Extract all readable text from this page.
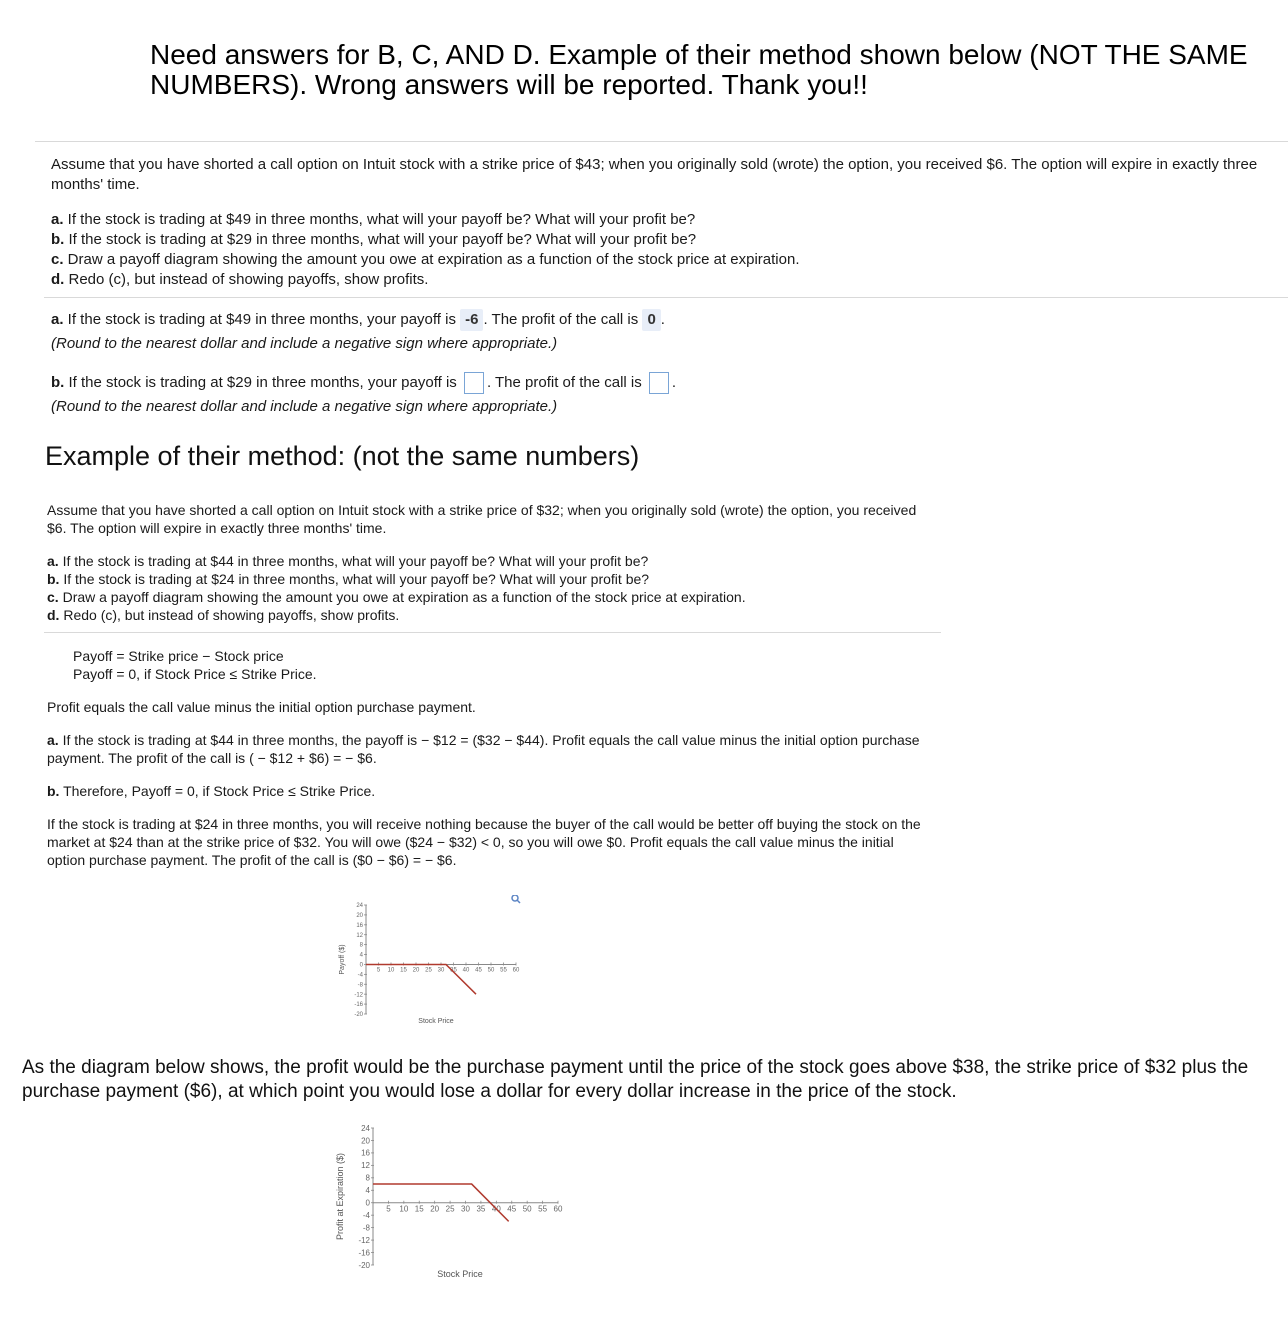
Need answers for B, C, AND D. Example of their method shown below (NOT THE SAME NUMBERS). Wrong answers will be reported. Thank you!!
Assume that you have shorted a call option on Intuit stock with a strike price of $43; when you originally sold (wrote) the option, you received $6. The option will expire in exactly three months' time.
a. If the stock is trading at $49 in three months, what will your payoff be? What will your profit be?
b. If the stock is trading at $29 in three months, what will your payoff be? What will your profit be?
c. Draw a payoff diagram showing the amount you owe at expiration as a function of the stock price at expiration.
d. Redo (c), but instead of showing payoffs, show profits.
a. If the stock is trading at $49 in three months, your payoff is -6 . The profit of the call is 0 .
(Round to the nearest dollar and include a negative sign where appropriate.)
b. If the stock is trading at $29 in three months, your payoff is . The profit of the call is .
(Round to the nearest dollar and include a negative sign where appropriate.)
Example of their method: (not the same numbers)
Assume that you have shorted a call option on Intuit stock with a strike price of $32; when you originally sold (wrote) the option, you received $6. The option will expire in exactly three months' time.
a. If the stock is trading at $44 in three months, what will your payoff be? What will your profit be?
b. If the stock is trading at $24 in three months, what will your payoff be? What will your profit be?
c. Draw a payoff diagram showing the amount you owe at expiration as a function of the stock price at expiration.
d. Redo (c), but instead of showing payoffs, show profits.
Payoff = Strike price − Stock price
Payoff = 0, if Stock Price ≤ Strike Price.
Profit equals the call value minus the initial option purchase payment.
a. If the stock is trading at $44 in three months, the payoff is − $12 = ($32 − $44). Profit equals the call value minus the initial option purchase payment. The profit of the call is ( − $12 + $6) = − $6.
b. Therefore, Payoff = 0, if Stock Price ≤ Strike Price.
If the stock is trading at $24 in three months, you will receive nothing because the buyer of the call would be better off buying the stock on the market at $24 than at the strike price of $32. You will owe ($24 − $32) < 0, so you will owe $0. Profit equals the call value minus the initial option purchase payment. The profit of the call is ($0 − $6) = − $6.
24
20
16
12
8
4
0
-4
-8
-12
-16
-20
5 10 15 20 25 30 35 40 45 50 55 60
Stock Price
Payoff ($)
As the diagram below shows, the profit would be the purchase payment until the price of the stock goes above $38, the strike price of $32 plus the purchase payment ($6), at which point you would lose a dollar for every dollar increase in the price of the stock.
24
20
16
12
8
4
0
-4
-8
-12
-16
-20
5 10 15 20 25 30 35 40 45 50 55 60
Stock Price
Profit at Expiration ($)
